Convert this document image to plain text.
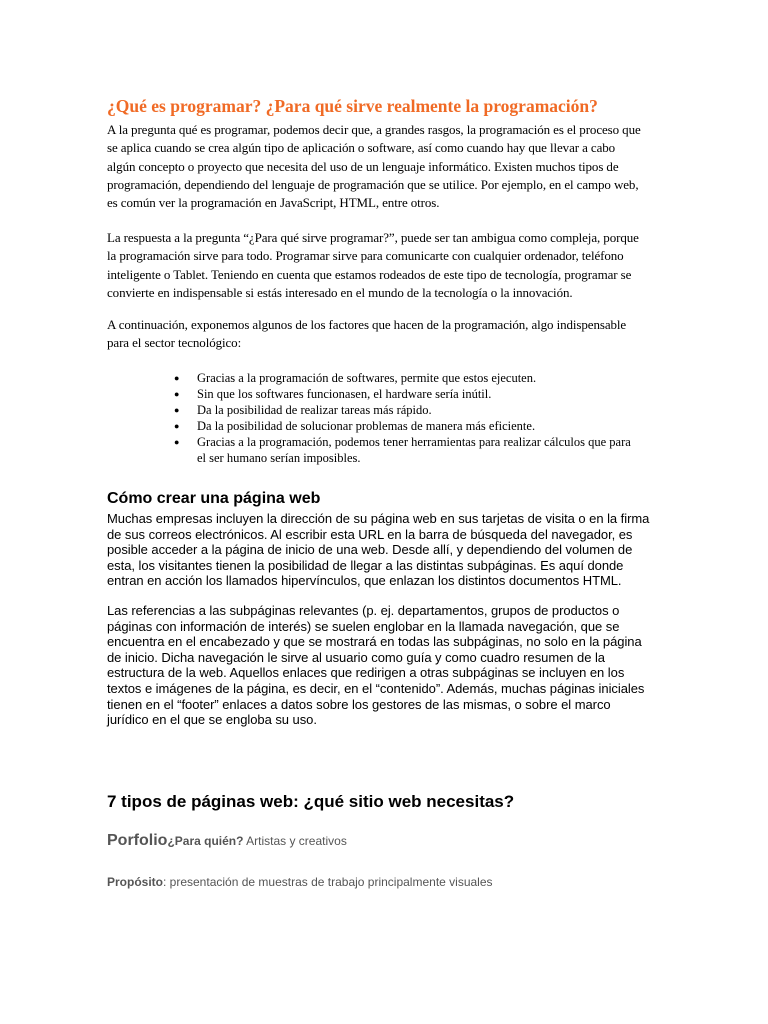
¿Qué es programar? ¿Para qué sirve realmente la programación?
A la pregunta qué es programar, podemos decir que, a grandes rasgos, la programación es el proceso que
se aplica cuando se crea algún tipo de aplicación o software, así como cuando hay que llevar a cabo
algún concepto o proyecto que necesita del uso de un lenguaje informático. Existen muchos tipos de
programación, dependiendo del lenguaje de programación que se utilice. Por ejemplo, en el campo web,
es común ver la programación en JavaScript, HTML, entre otros.
La respuesta a la pregunta “¿Para qué sirve programar?”, puede ser tan ambigua como compleja, porque
la programación sirve para todo. Programar sirve para comunicarte con cualquier ordenador, teléfono
inteligente o Tablet. Teniendo en cuenta que estamos rodeados de este tipo de tecnología, programar se
convierte en indispensable si estás interesado en el mundo de la tecnología o la innovación.
A continuación, exponemos algunos de los factores que hacen de la programación, algo indispensable
para el sector tecnológico:
●	Gracias a la programación de softwares, permite que estos ejecuten.
●	Sin que los softwares funcionasen, el hardware sería inútil.
●	Da la posibilidad de realizar tareas más rápido.
●	Da la posibilidad de solucionar problemas de manera más eficiente.
●	Gracias a la programación, podemos tener herramientas para realizar cálculos que para
el ser humano serían imposibles.
Cómo crear una página web
Muchas empresas incluyen la dirección de su página web en sus tarjetas de visita o en la firma
de sus correos electrónicos. Al escribir esta URL en la barra de búsqueda del navegador, es
posible acceder a la página de inicio de una web. Desde allí, y dependiendo del volumen de
esta, los visitantes tienen la posibilidad de llegar a las distintas subpáginas. Es aquí donde
entran en acción los llamados hipervínculos, que enlazan los distintos documentos HTML.
Las referencias a las subpáginas relevantes (p. ej. departamentos, grupos de productos o
páginas con información de interés) se suelen englobar en la llamada navegación, que se
encuentra en el encabezado y que se mostrará en todas las subpáginas, no solo en la página
de inicio. Dicha navegación le sirve al usuario como guía y como cuadro resumen de la
estructura de la web. Aquellos enlaces que redirigen a otras subpáginas se incluyen en los
textos e imágenes de la página, es decir, en el “contenido”. Además, muchas páginas iniciales
tienen en el “footer” enlaces a datos sobre los gestores de las mismas, o sobre el marco
jurídico en el que se engloba su uso.
7 tipos de páginas web: ¿qué sitio web necesitas?
Porfolio¿Para quién? Artistas y creativos
Propósito: presentación de muestras de trabajo principalmente visuales
